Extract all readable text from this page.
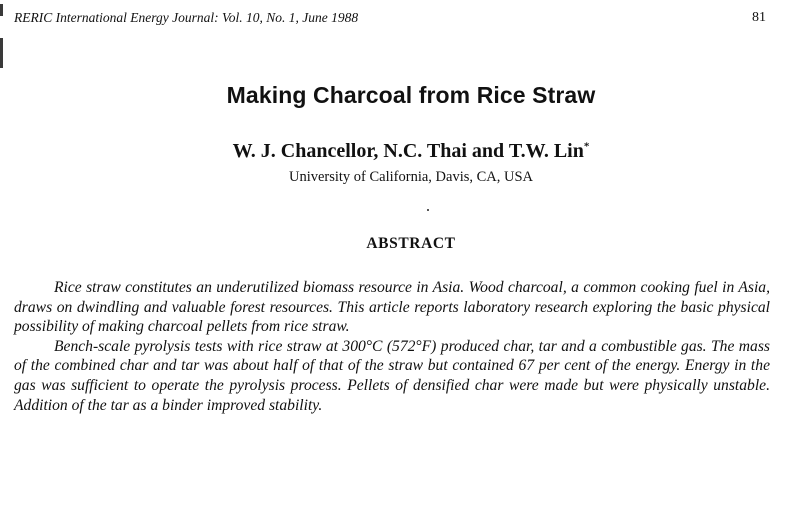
RERIC International Energy Journal: Vol. 10, No. 1, June 1988	81
Making Charcoal from Rice Straw
W. J. Chancellor, N.C. Thai and T.W. Lin*
University of California, Davis, CA, USA
ABSTRACT

Rice straw constitutes an underutilized biomass resource in Asia. Wood charcoal, a common cooking fuel in Asia, draws on dwindling and valuable forest resources. This article reports laboratory research exploring the basic physical possibility of making charcoal pellets from rice straw.

Bench-scale pyrolysis tests with rice straw at 300°C (572°F) produced char, tar and a combustible gas. The mass of the combined char and tar was about half of that of the straw but contained 67 per cent of the energy. Energy in the gas was sufficient to operate the pyrolysis process. Pellets of densified char were made but were physically unstable. Addition of the tar as a binder improved stability.
